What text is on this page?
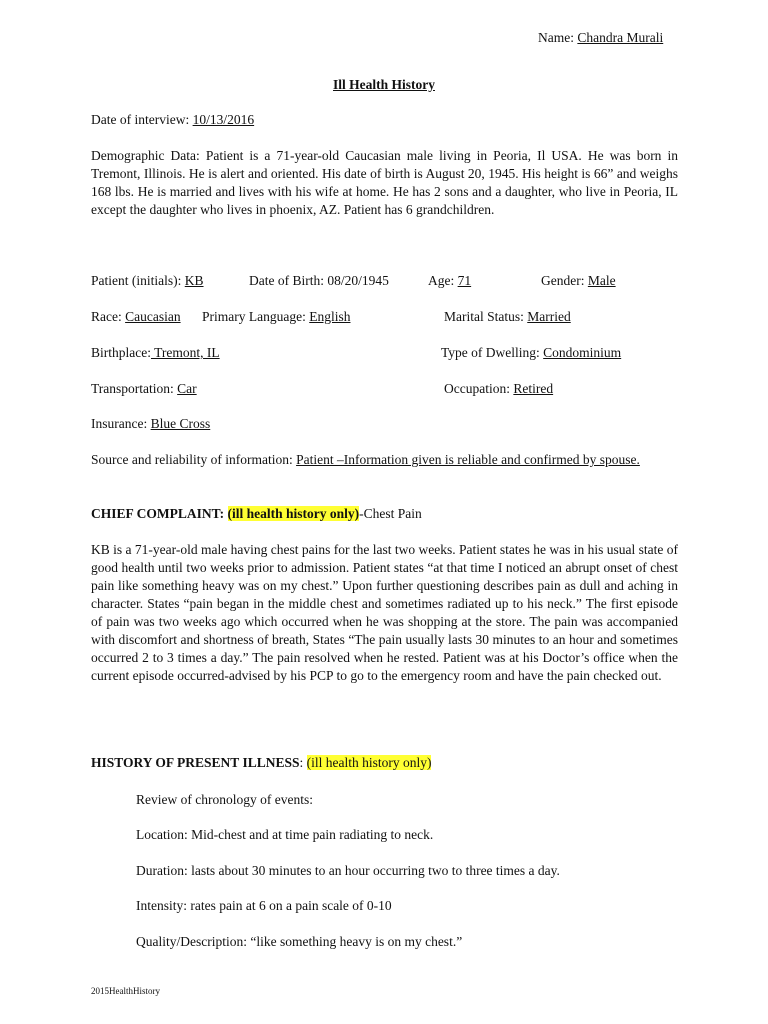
Name: Chandra Murali
Ill Health History
Date of interview: 10/13/2016
Demographic Data: Patient is a 71-year-old Caucasian male living in Peoria, Il USA. He was born in Tremont, Illinois. He is alert and oriented. His date of birth is August 20, 1945. His height is 66” and weighs 168 lbs. He is married and lives with his wife at home. He has 2 sons and a daughter, who live in Peoria, IL except the daughter who lives in phoenix, AZ. Patient has 6 grandchildren.
Patient (initials): KB	Date of Birth: 08/20/1945	Age: 71	Gender: Male
Race: Caucasian Primary Language: English	Marital Status: Married
Birthplace: Tremont, IL	Type of Dwelling: Condominium
Transportation: Car	Occupation: Retired
Insurance: Blue Cross
Source and reliability of information: Patient –Information given is reliable and confirmed by spouse.
CHIEF COMPLAINT: (ill health history only)-Chest Pain
KB is a 71-year-old male having chest pains for the last two weeks. Patient states he was in his usual state of good health until two weeks prior to admission. Patient states “at that time I noticed an abrupt onset of chest pain like something heavy was on my chest.” Upon further questioning describes pain as dull and aching in character. States “pain began in the middle chest and sometimes radiated up to his neck.” The first episode of pain was two weeks ago which occurred when he was shopping at the store. The pain was accompanied with discomfort and shortness of breath, States “The pain usually lasts 30 minutes to an hour and sometimes occurred 2 to 3 times a day.” The pain resolved when he rested. Patient was at his Doctor’s office when the current episode occurred-advised by his PCP to go to the emergency room and have the pain checked out.
HISTORY OF PRESENT ILLNESS: (ill health history only)
Review of chronology of events:
Location: Mid-chest and at time pain radiating to neck.
Duration: lasts about 30 minutes to an hour occurring two to three times a day.
Intensity: rates pain at 6 on a pain scale of 0-10
Quality/Description: “like something heavy is on my chest.”
2015HealthHistory
